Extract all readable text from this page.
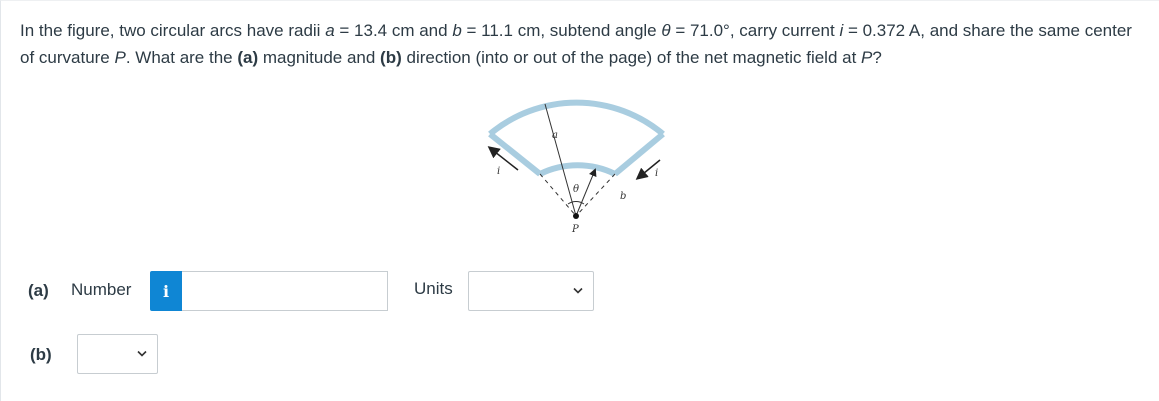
In the figure, two circular arcs have radii a = 13.4 cm and b = 11.1 cm, subtend angle θ = 71.0°, carry current i = 0.372 A, and share the same center of curvature P. What are the (a) magnitude and (b) direction (into or out of the page) of the net magnetic field at P?
a
b
θ
P
i	i
(a) Number i	Units
(b)
